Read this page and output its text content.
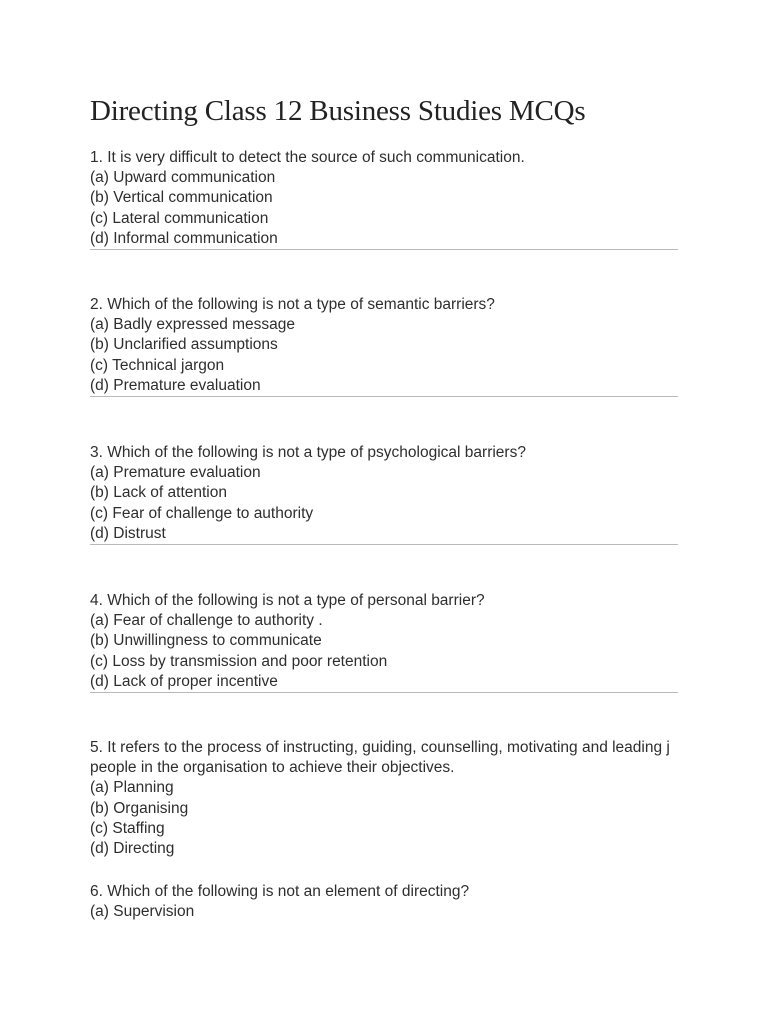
Directing Class 12 Business Studies MCQs
1. It is very difficult to detect the source of such communication.
(a) Upward communication
(b) Vertical communication
(c) Lateral communication
(d) Informal communication
2. Which of the following is not a type of semantic barriers?
(a) Badly expressed message
(b) Unclarified assumptions
(c) Technical jargon
(d) Premature evaluation
3. Which of the following is not a type of psychological barriers?
(a) Premature evaluation
(b) Lack of attention
(c) Fear of challenge to authority
(d) Distrust
4. Which of the following is not a type of personal barrier?
(a) Fear of challenge to authority .
(b) Unwillingness to communicate
(c) Loss by transmission and poor retention
(d) Lack of proper incentive
5. It refers to the process of instructing, guiding, counselling, motivating and leading j people in the organisation to achieve their objectives.
(a) Planning
(b) Organising
(c) Staffing
(d) Directing
6. Which of the following is not an element of directing?
(a) Supervision
